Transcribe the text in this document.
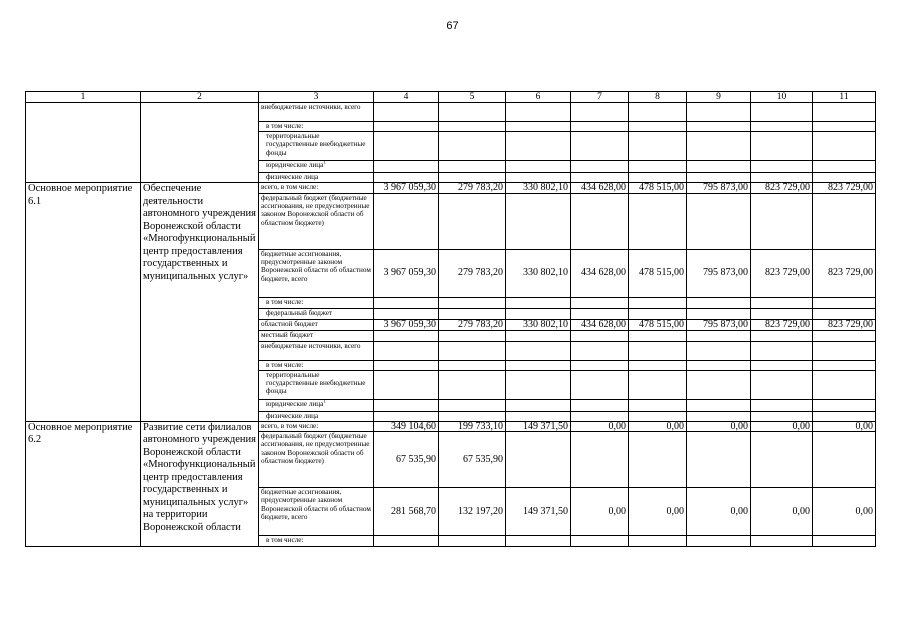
67
1	2	3	4	5	6	7	8	9	10	11
		внебюджетные источники, всего								
		в том числе:								
		территориальные государственные внебюджетные фонды								
		юридические лица$^1$								
		физические лица								
Основное мероприятие 6.1	Обеспечение деятельности автономного учреждения Воронежской области «Многофункциональный центр предоставления государственных и муниципальных услуг»	всего, в том числе:	3 967 059,30	279 783,20	330 802,10	434 628,00	478 515,00	795 873,00	823 729,00	823 729,00
		федеральный бюджет (бюджетные ассигнования, не предусмотренные законом Воронежской области об областном бюджете)								
		бюджетные ассигнования, предусмотренные законом Воронежской области об областном бюджете, всего	3 967 059,30	279 783,20	330 802,10	434 628,00	478 515,00	795 873,00	823 729,00	823 729,00
		в том числе:								
		федеральный бюджет								
		областной бюджет	3 967 059,30	279 783,20	330 802,10	434 628,00	478 515,00	795 873,00	823 729,00	823 729,00
		местный бюджет								
		внебюджетные источники, всего								
		в том числе:								
		территориальные государственные внебюджетные фонды								
		юридические лица$^1$								
		физические лица								
Основное мероприятие 6.2	Развитие сети филиалов автономного учреждения Воронежской области «Многофункциональный центр предоставления государственных и муниципальных услуг» на территории Воронежской области	всего, в том числе:	349 104,60	199 733,10	149 371,50	0,00	0,00	0,00	0,00	0,00
		федеральный бюджет (бюджетные ассигнования, не предусмотренные законом Воронежской области об областном бюджете)	67 535,90	67 535,90						
		бюджетные ассигнования, предусмотренные законом Воронежской области об областном бюджете, всего	281 568,70	132 197,20	149 371,50	0,00	0,00	0,00	0,00	0,00
		в том числе:								
